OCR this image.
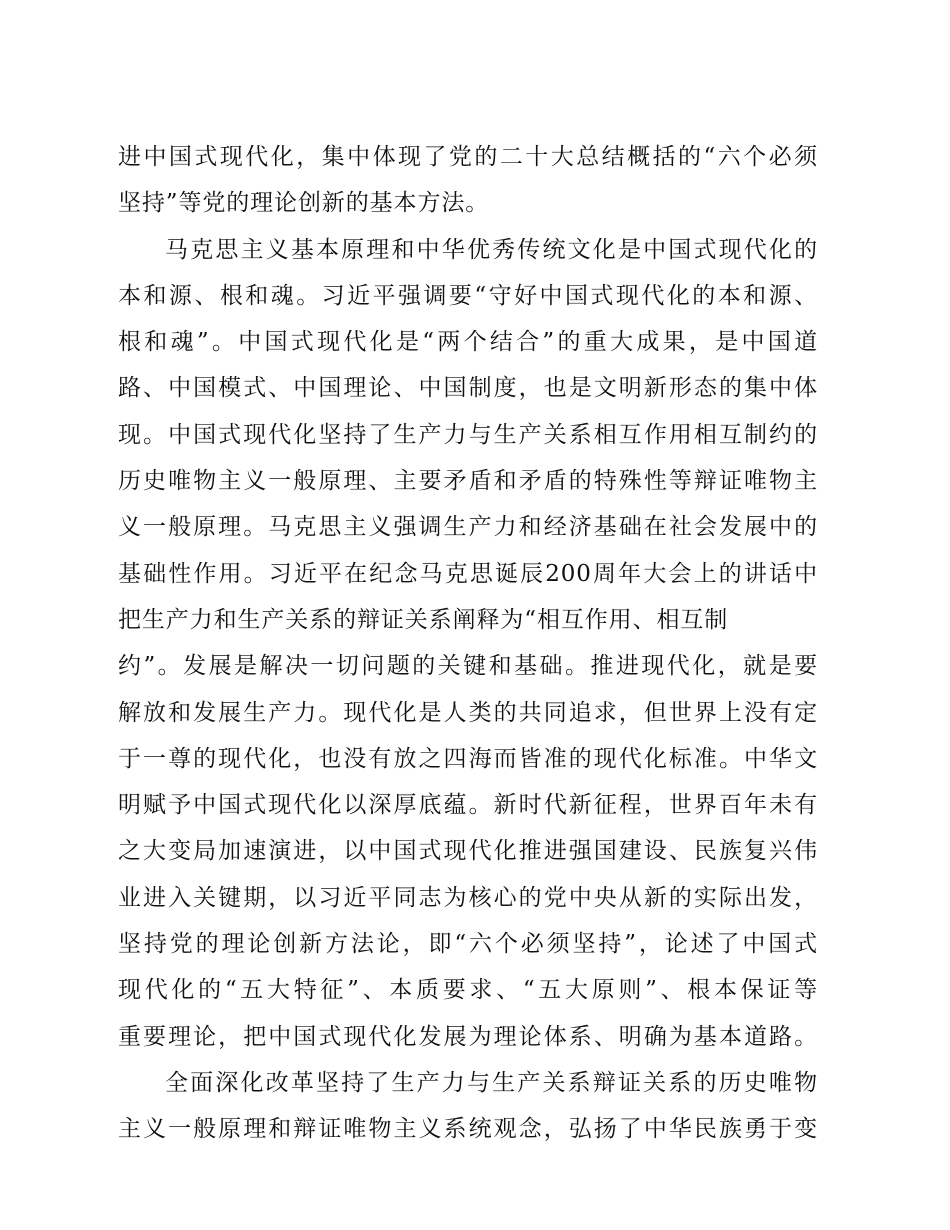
进中国式现代化，集中体现了党的二十大总结概括的“六个必须
坚持”等党的理论创新的基本方法。
马克思主义基本原理和中华优秀传统文化是中国式现代化的
本和源、根和魂。习近平强调要“守好中国式现代化的本和源、
根和魂”。中国式现代化是“两个结合”的重大成果，是中国道
路、中国模式、中国理论、中国制度，也是文明新形态的集中体
现。中国式现代化坚持了生产力与生产关系相互作用相互制约的
历史唯物主义一般原理、主要矛盾和矛盾的特殊性等辩证唯物主
义一般原理。马克思主义强调生产力和经济基础在社会发展中的
基础性作用。习近平在纪念马克思诞辰200周年大会上的讲话中
把生产力和生产关系的辩证关系阐释为“相互作用、相互制
约”。发展是解决一切问题的关键和基础。推进现代化，就是要
解放和发展生产力。现代化是人类的共同追求，但世界上没有定
于一尊的现代化，也没有放之四海而皆准的现代化标准。中华文
明赋予中国式现代化以深厚底蕴。新时代新征程，世界百年未有
之大变局加速演进，以中国式现代化推进强国建设、民族复兴伟
业进入关键期，以习近平同志为核心的党中央从新的实际出发，
坚持党的理论创新方法论，即“六个必须坚持”，论述了中国式
现代化的“五大特征”、本质要求、“五大原则”、根本保证等
重要理论，把中国式现代化发展为理论体系、明确为基本道路。
全面深化改革坚持了生产力与生产关系辩证关系的历史唯物
主义一般原理和辩证唯物主义系统观念，弘扬了中华民族勇于变
